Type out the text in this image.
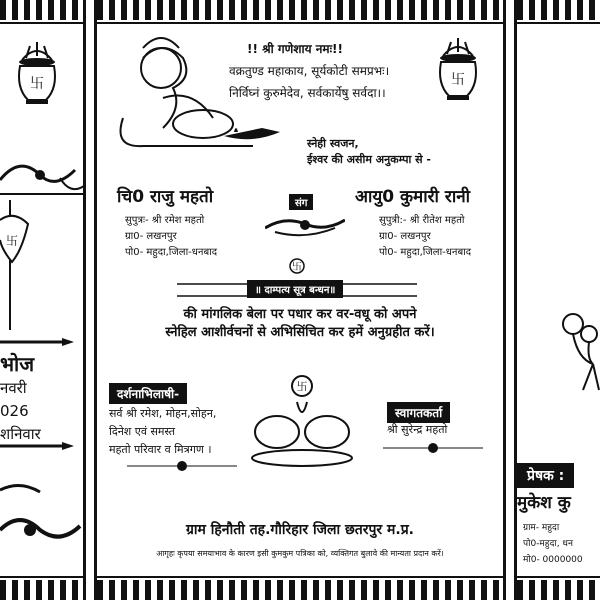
卐
卐
भोज
नवरी
026
शनिवार
!! श्री गणेशाय नमः!!
वक्रतुण्ड महाकाय, सूर्यकोटी समप्रभः।
निर्विघ्नं कुरुमेदेव, सर्वकार्येषु सर्वदा।।
卐
स्नेही स्वजन,
ईश्वर की असीम अनुकम्पा से -
चि0 राजु महतो
सुपुत्रः- श्री रमेश महतो
ग्रा0- लखनपुर
पो0- महुदा,जिला-धनबाद
संग	आयु0 कुमारी रानी
सुपुत्री:- श्री रीतेश महतो
ग्रा0- लखनपुर
पो0- महुदा,जिला-धनबाद
卐
॥ दाम्पत्य सूत्र बन्धन॥
की मांगलिक बेला पर पधार कर वर-वधू को अपने
स्नेहिल आशीर्वचनों से अभिसिंचित कर हमें अनुग्रहीत करें।
दर्शनाभिलाषी-
सर्व श्री रमेश, मोहन,सोहन,
दिनेश एवं समस्त
महतो परिवार व मित्रगण ।
卐
स्वागतकर्ता
श्री सुरेन्द्र महतो
ग्राम हिनौती तह.गौरिहार जिला छतरपुर म.प्र.
आगृहः कृपया समयाभाव के कारण इसी कुमकुम पत्रिका को, व्यक्तिगत बुलावे की मान्यता प्रदान करें।
प्रेषक :
मुकेश कु
ग्राम- महुदा
पो0-महुदा, धन
मो0- 0000000
